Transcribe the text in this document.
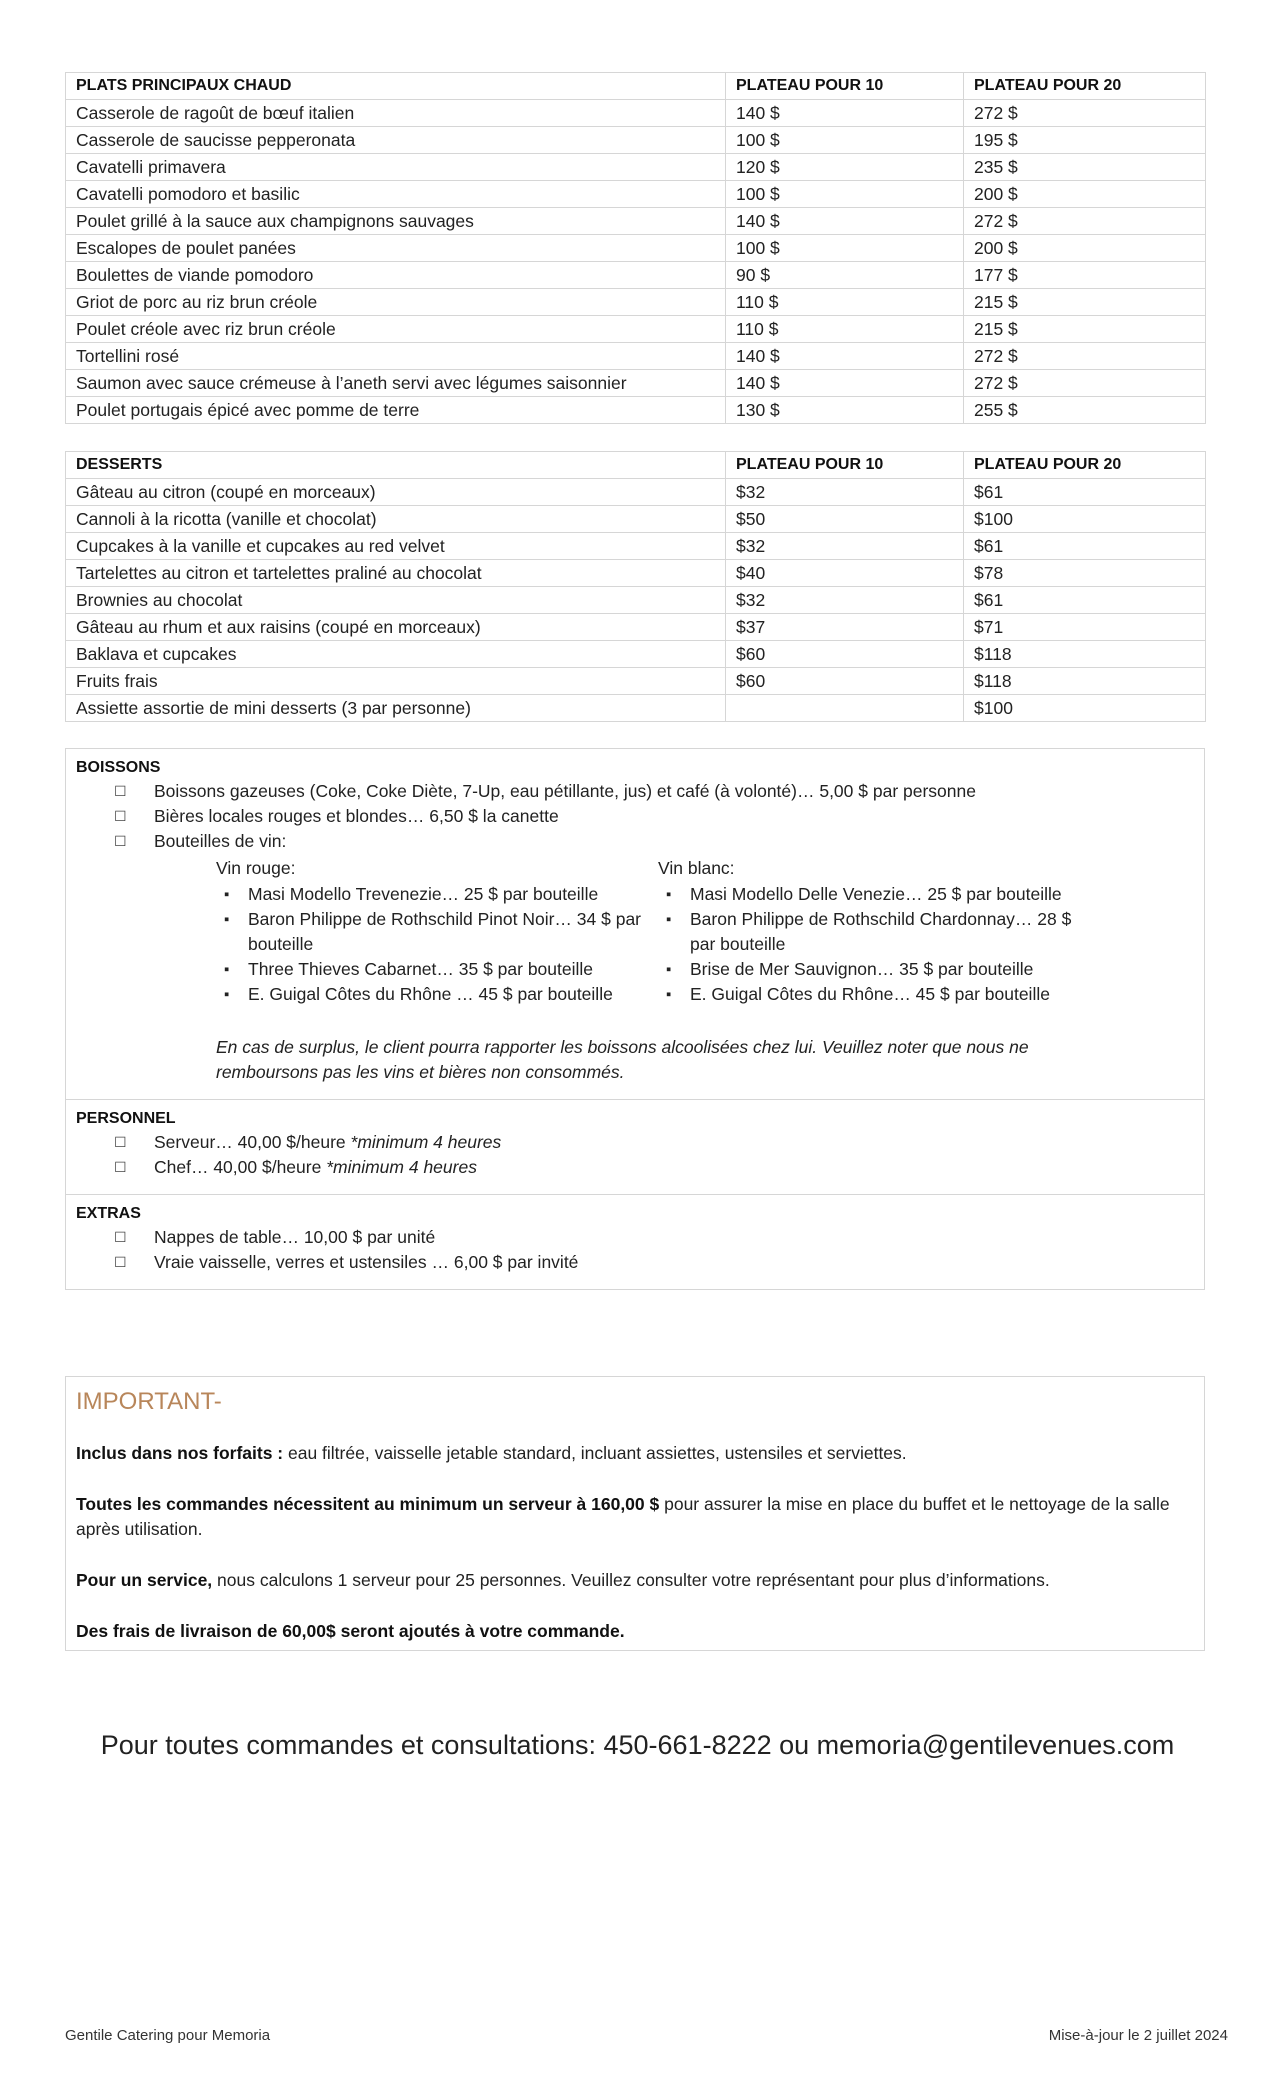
PLATS PRINCIPAUX CHAUD	PLATEAU POUR 10	PLATEAU POUR 20
Casserole de ragoût de bœuf italien	140 $	272 $
Casserole de saucisse pepperonata	100 $	195 $
Cavatelli primavera	120 $	235 $
Cavatelli pomodoro et basilic	100 $	200 $
Poulet grillé à la sauce aux champignons sauvages	140 $	272 $
Escalopes de poulet panées	100 $	200 $
Boulettes de viande pomodoro	90 $	177 $
Griot de porc au riz brun créole	110 $	215 $
Poulet créole avec riz brun créole	110 $	215 $
Tortellini rosé	140 $	272 $
Saumon avec sauce crémeuse à l’aneth servi avec légumes saisonnier	140 $	272 $
Poulet portugais épicé avec pomme de terre	130 $	255 $
DESSERTS	PLATEAU POUR 10	PLATEAU POUR 20
Gâteau au citron (coupé en morceaux)	$32	$61
Cannoli à la ricotta (vanille et chocolat)	$50	$100
Cupcakes à la vanille et cupcakes au red velvet	$32	$61
Tartelettes au citron et tartelettes praliné au chocolat	$40	$78
Brownies au chocolat	$32	$61
Gâteau au rhum et aux raisins (coupé en morceaux)	$37	$71
Baklava et cupcakes	$60	$118
Fruits frais	$60	$118
Assiette assortie de mini desserts (3 par personne)		$100
BOISSONS
☐	Boissons gazeuses (Coke, Coke Diète, 7-Up, eau pétillante, jus) et café (à volonté)… 5,00 $ par personne
☐	Bières locales rouges et blondes… 6,50 $ la canette
☐	Bouteilles de vin:
Vin rouge:
▪ Masi Modello Trevenezie… 25 $ par bouteille
▪ Baron Philippe de Rothschild Pinot Noir… 34 $ par bouteille
▪ Three Thieves Cabarnet… 35 $ par bouteille
▪ E. Guigal Côtes du Rhône … 45 $ par bouteille
Vin blanc:
▪ Masi Modello Delle Venezie… 25 $ par bouteille
▪ Baron Philippe de Rothschild Chardonnay… 28 $ par bouteille
▪ Brise de Mer Sauvignon… 35 $ par bouteille
▪ E. Guigal Côtes du Rhône… 45 $ par bouteille
En cas de surplus, le client pourra rapporter les boissons alcoolisées chez lui. Veuillez noter que nous ne remboursons pas les vins et bières non consommés.
PERSONNEL
☐	Serveur… 40,00 $/heure *minimum 4 heures
☐	Chef… 40,00 $/heure *minimum 4 heures
EXTRAS
☐	Nappes de table… 10,00 $ par unité
☐	Vraie vaisselle, verres et ustensiles … 6,00 $ par invité
IMPORTANT-
Inclus dans nos forfaits : eau filtrée, vaisselle jetable standard, incluant assiettes, ustensiles et serviettes.
Toutes les commandes nécessitent au minimum un serveur à 160,00 $ pour assurer la mise en place du buffet et le nettoyage de la salle après utilisation.
Pour un service, nous calculons 1 serveur pour 25 personnes. Veuillez consulter votre représentant pour plus d’informations.
Des frais de livraison de 60,00$ seront ajoutés à votre commande.
Pour toutes commandes et consultations: 450-661-8222 ou memoria@gentilevenues.com
Gentile Catering pour Memoria	Mise-à-jour le 2 juillet 2024
